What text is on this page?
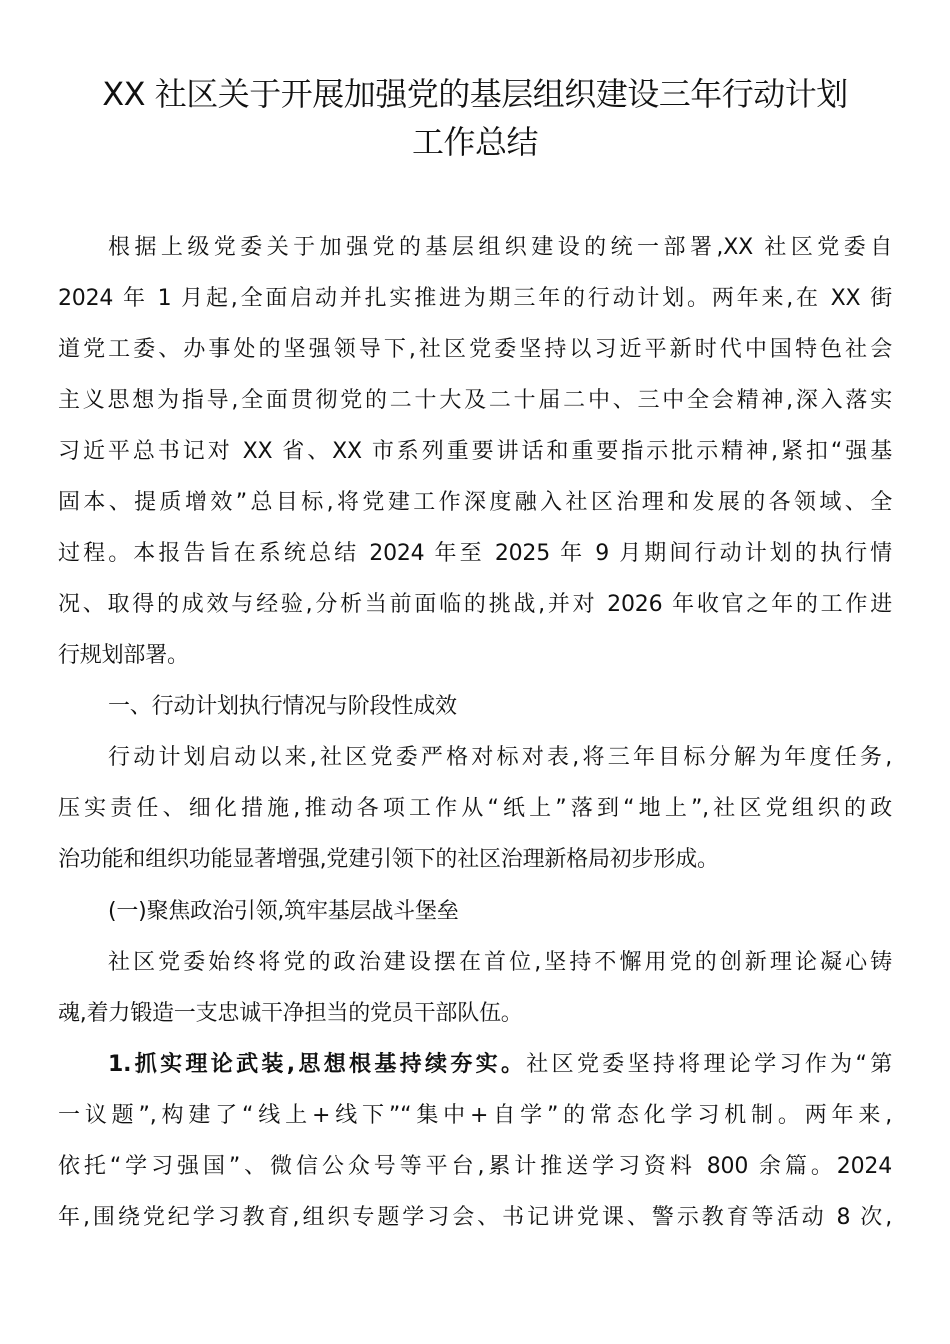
XX 社区关于开展加强党的基层组织建设三年行动计划
工作总结
根据上级党委关于加强党的基层组织建设的统一部署,XX 社区党委自
2024 年 1 月起,全面启动并扎实推进为期三年的行动计划。两年来,在 XX 街
道党工委、办事处的坚强领导下,社区党委坚持以习近平新时代中国特色社会
主义思想为指导,全面贯彻党的二十大及二十届二中、三中全会精神,深入落实
习近平总书记对 XX 省、XX 市系列重要讲话和重要指示批示精神,紧扣“强基
固本、提质增效”总目标,将党建工作深度融入社区治理和发展的各领域、全
过程。本报告旨在系统总结 2024 年至 2025 年 9 月期间行动计划的执行情
况、取得的成效与经验,分析当前面临的挑战,并对 2026 年收官之年的工作进
行规划部署。
一、行动计划执行情况与阶段性成效
行动计划启动以来,社区党委严格对标对表,将三年目标分解为年度任务,
压实责任、细化措施,推动各项工作从“纸上”落到“地上”,社区党组织的政
治功能和组织功能显著增强,党建引领下的社区治理新格局初步形成。
(一)聚焦政治引领,筑牢基层战斗堡垒
社区党委始终将党的政治建设摆在首位,坚持不懈用党的创新理论凝心铸
魂,着力锻造一支忠诚干净担当的党员干部队伍。
1.抓实理论武装,思想根基持续夯实。社区党委坚持将理论学习作为“第
一议题”,构建了“线上+线下”“集中+自学”的常态化学习机制。两年来,
依托“学习强国”、微信公众号等平台,累计推送学习资料 800 余篇。2024
年,围绕党纪学习教育,组织专题学习会、书记讲党课、警示教育等活动 8 次,
